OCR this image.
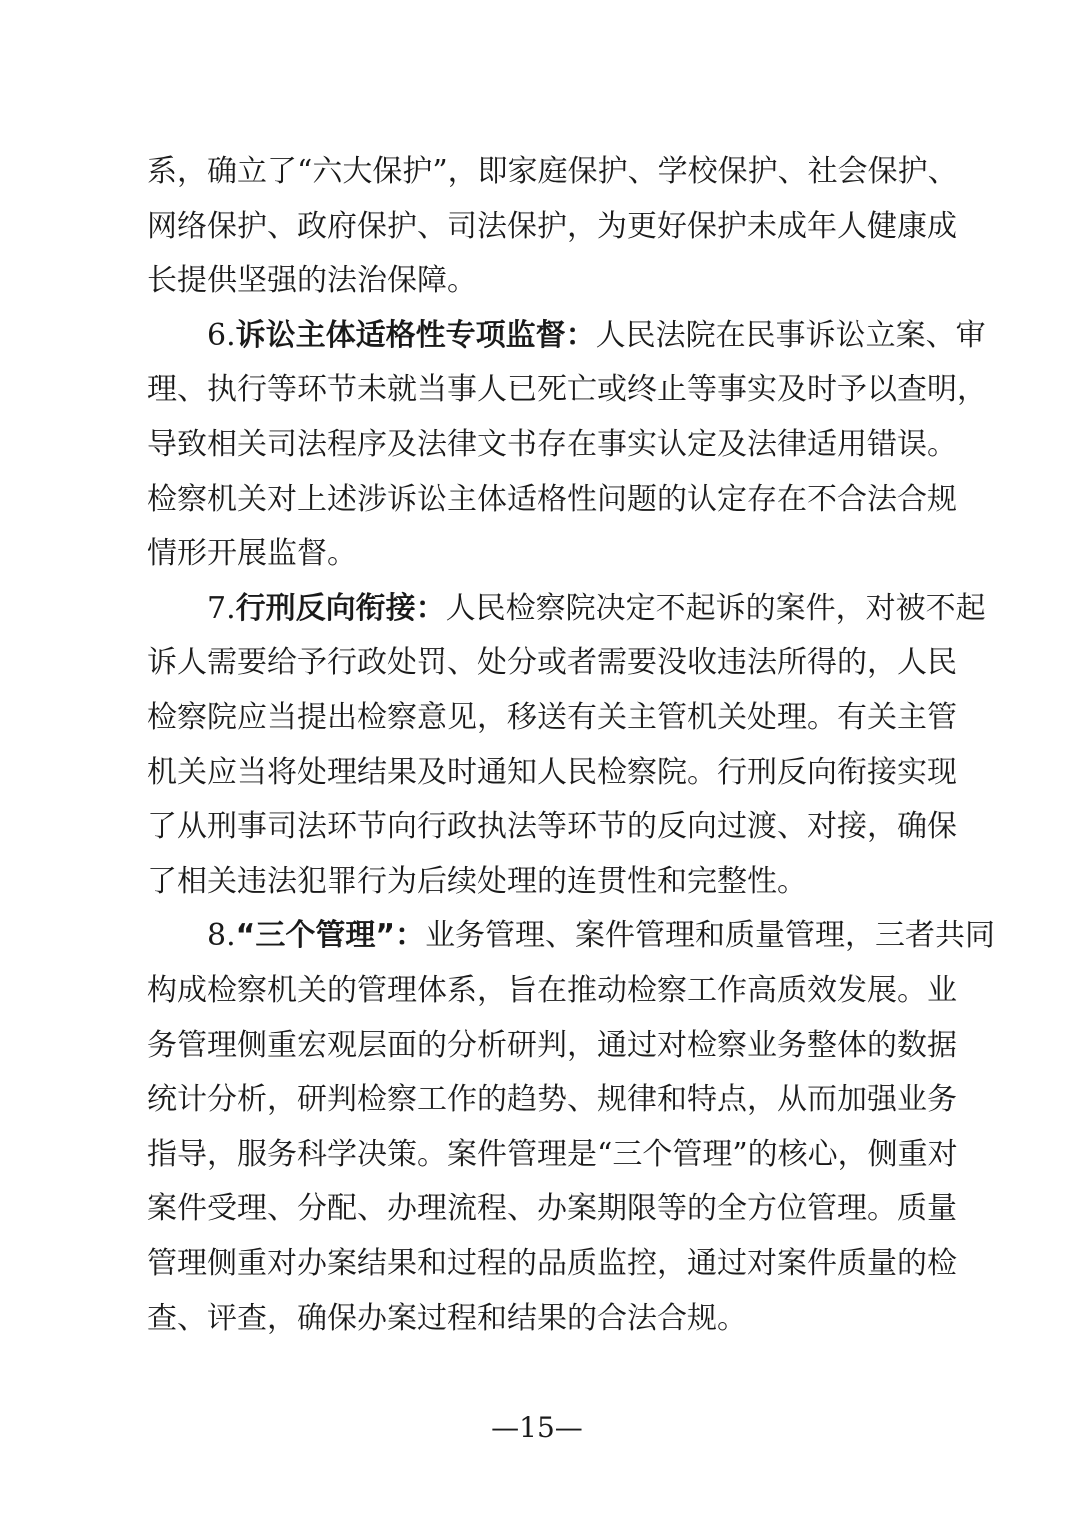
系，确立了“六大保护”，即家庭保护、学校保护、社会保护、
网络保护、政府保护、司法保护，为更好保护未成年人健康成
长提供坚强的法治保障。
6.诉讼主体适格性专项监督：人民法院在民事诉讼立案、审
理、执行等环节未就当事人已死亡或终止等事实及时予以查明，
导致相关司法程序及法律文书存在事实认定及法律适用错误。
检察机关对上述涉诉讼主体适格性问题的认定存在不合法合规
情形开展监督。
7.行刑反向衔接：人民检察院决定不起诉的案件，对被不起
诉人需要给予行政处罚、处分或者需要没收违法所得的，人民
检察院应当提出检察意见，移送有关主管机关处理。有关主管
机关应当将处理结果及时通知人民检察院。行刑反向衔接实现
了从刑事司法环节向行政执法等环节的反向过渡、对接，确保
了相关违法犯罪行为后续处理的连贯性和完整性。
8.“三个管理”：业务管理、案件管理和质量管理，三者共同
构成检察机关的管理体系，旨在推动检察工作高质效发展。业
务管理侧重宏观层面的分析研判，通过对检察业务整体的数据
统计分析，研判检察工作的趋势、规律和特点，从而加强业务
指导，服务科学决策。案件管理是“三个管理”的核心，侧重对
案件受理、分配、办理流程、办案期限等的全方位管理。质量
管理侧重对办案结果和过程的品质监控，通过对案件质量的检
查、评查，确保办案过程和结果的合法合规。
—15—
